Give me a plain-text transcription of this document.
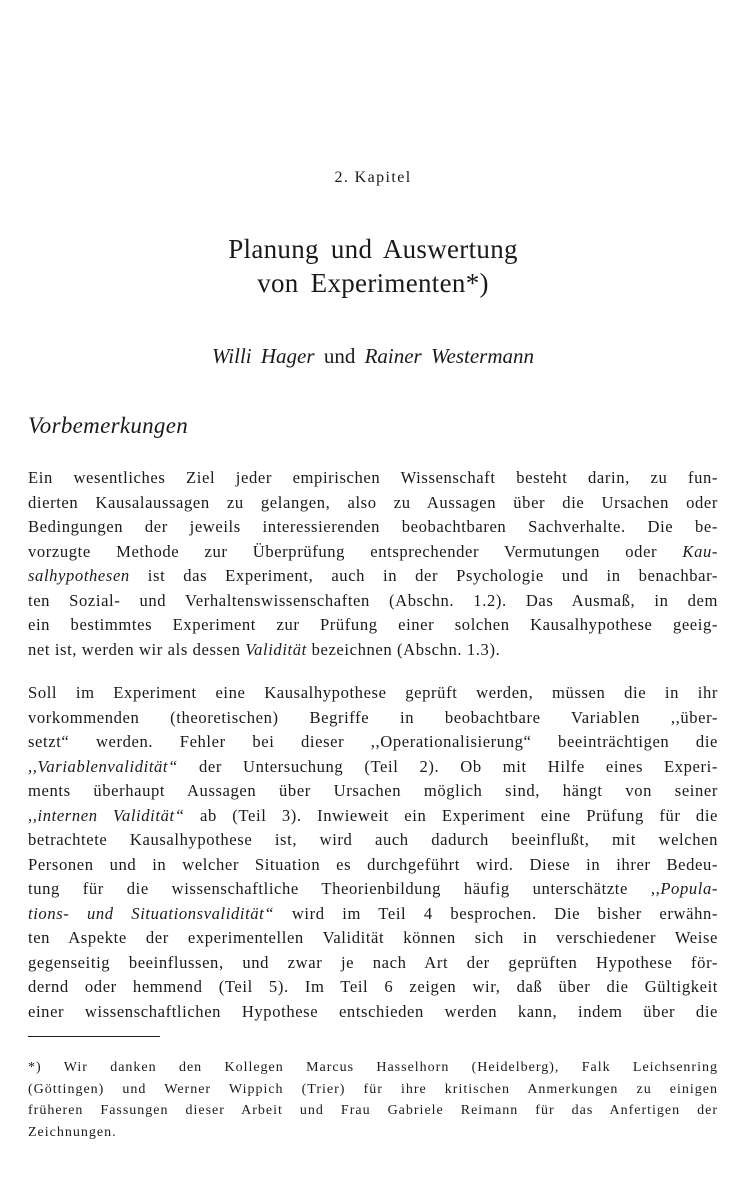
2. Kapitel
Planung und Auswertung
von Experimenten*)
Willi Hager und Rainer Westermann
Vorbemerkungen
Ein wesentliches Ziel jeder empirischen Wissenschaft besteht darin, zu fun-
dierten Kausalaussagen zu gelangen, also zu Aussagen über die Ursachen oder
Bedingungen der jeweils interessierenden beobachtbaren Sachverhalte. Die be-
vorzugte Methode zur Überprüfung entsprechender Vermutungen oder Kau-
salhypothesen ist das Experiment, auch in der Psychologie und in benachbar-
ten Sozial- und Verhaltenswissenschaften (Abschn. 1.2). Das Ausmaß, in dem
ein bestimmtes Experiment zur Prüfung einer solchen Kausalhypothese geeig-
net ist, werden wir als dessen Validität bezeichnen (Abschn. 1.3).
Soll im Experiment eine Kausalhypothese geprüft werden, müssen die in ihr
vorkommenden (theoretischen) Begriffe in beobachtbare Variablen ,,über-
setzt“ werden. Fehler bei dieser ,,Operationalisierung“ beeinträchtigen die
,,Variablenvalidität“ der Untersuchung (Teil 2). Ob mit Hilfe eines Experi-
ments überhaupt Aussagen über Ursachen möglich sind, hängt von seiner
,,internen Validität“ ab (Teil 3). Inwieweit ein Experiment eine Prüfung für die
betrachtete Kausalhypothese ist, wird auch dadurch beeinflußt, mit welchen
Personen und in welcher Situation es durchgeführt wird. Diese in ihrer Bedeu-
tung für die wissenschaftliche Theorienbildung häufig unterschätzte ,,Popula-
tions- und Situationsvalidität“ wird im Teil 4 besprochen. Die bisher erwähn-
ten Aspekte der experimentellen Validität können sich in verschiedener Weise
gegenseitig beeinflussen, und zwar je nach Art der geprüften Hypothese för-
dernd oder hemmend (Teil 5). Im Teil 6 zeigen wir, daß über die Gültigkeit
einer wissenschaftlichen Hypothese entschieden werden kann, indem über die
*) Wir danken den Kollegen Marcus Hasselhorn (Heidelberg), Falk Leichsenring
(Göttingen) und Werner Wippich (Trier) für ihre kritischen Anmerkungen zu einigen
früheren Fassungen dieser Arbeit und Frau Gabriele Reimann für das Anfertigen der
Zeichnungen.
